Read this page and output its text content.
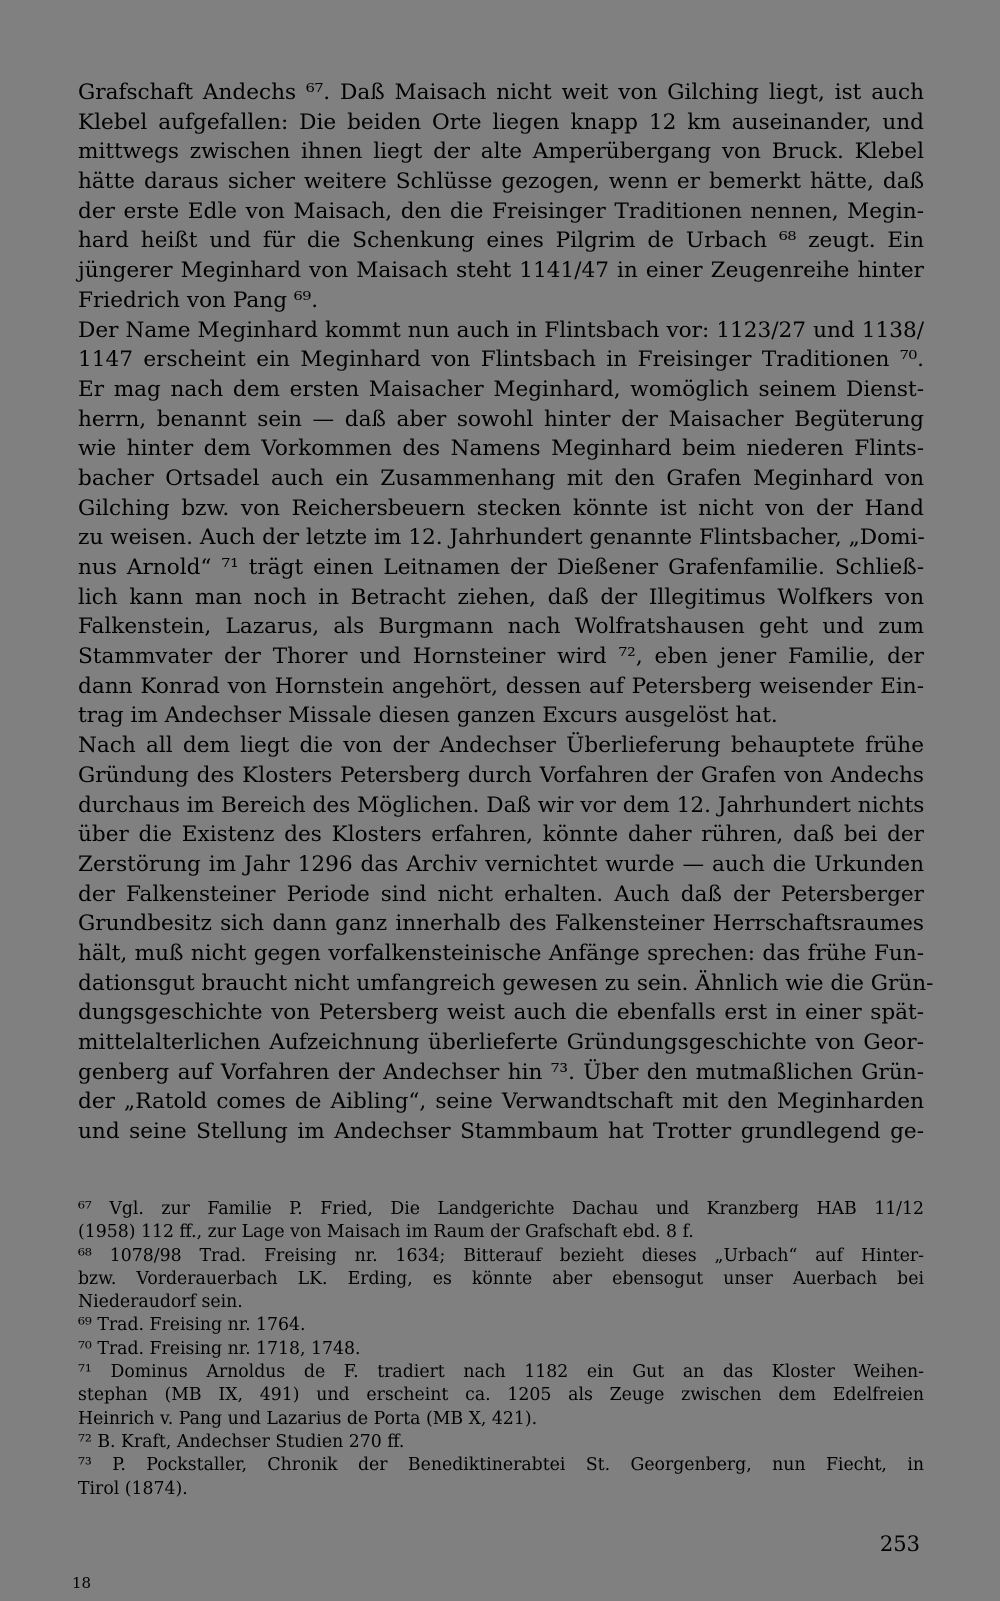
Grafschaft Andechs ⁶⁷. Daß Maisach nicht weit von Gilching liegt, ist auch
Klebel aufgefallen: Die beiden Orte liegen knapp 12 km auseinander, und
mittwegs zwischen ihnen liegt der alte Amperübergang von Bruck. Klebel
hätte daraus sicher weitere Schlüsse gezogen, wenn er bemerkt hätte, daß
der erste Edle von Maisach, den die Freisinger Traditionen nennen, Megin-
hard heißt und für die Schenkung eines Pilgrim de Urbach ⁶⁸ zeugt. Ein
jüngerer Meginhard von Maisach steht 1141/47 in einer Zeugenreihe hinter
Friedrich von Pang ⁶⁹.
Der Name Meginhard kommt nun auch in Flintsbach vor: 1123/27 und 1138/
1147 erscheint ein Meginhard von Flintsbach in Freisinger Traditionen ⁷⁰.
Er mag nach dem ersten Maisacher Meginhard, womöglich seinem Dienst-
herrn, benannt sein — daß aber sowohl hinter der Maisacher Begüterung
wie hinter dem Vorkommen des Namens Meginhard beim niederen Flints-
bacher Ortsadel auch ein Zusammenhang mit den Grafen Meginhard von
Gilching bzw. von Reichersbeuern stecken könnte ist nicht von der Hand
zu weisen. Auch der letzte im 12. Jahrhundert genannte Flintsbacher, „Domi-
nus Arnold“ ⁷¹ trägt einen Leitnamen der Dießener Grafenfamilie. Schließ-
lich kann man noch in Betracht ziehen, daß der Illegitimus Wolfkers von
Falkenstein, Lazarus, als Burgmann nach Wolfratshausen geht und zum
Stammvater der Thorer und Hornsteiner wird ⁷², eben jener Familie, der
dann Konrad von Hornstein angehört, dessen auf Petersberg weisender Ein-
trag im Andechser Missale diesen ganzen Excurs ausgelöst hat.
Nach all dem liegt die von der Andechser Überlieferung behauptete frühe
Gründung des Klosters Petersberg durch Vorfahren der Grafen von Andechs
durchaus im Bereich des Möglichen. Daß wir vor dem 12. Jahrhundert nichts
über die Existenz des Klosters erfahren, könnte daher rühren, daß bei der
Zerstörung im Jahr 1296 das Archiv vernichtet wurde — auch die Urkunden
der Falkensteiner Periode sind nicht erhalten. Auch daß der Petersberger
Grundbesitz sich dann ganz innerhalb des Falkensteiner Herrschaftsraumes
hält, muß nicht gegen vorfalkensteinische Anfänge sprechen: das frühe Fun-
dationsgut braucht nicht umfangreich gewesen zu sein. Ähnlich wie die Grün-
dungsgeschichte von Petersberg weist auch die ebenfalls erst in einer spät-
mittelalterlichen Aufzeichnung überlieferte Gründungsgeschichte von Geor-
genberg auf Vorfahren der Andechser hin ⁷³. Über den mutmaßlichen Grün-
der „Ratold comes de Aibling“, seine Verwandtschaft mit den Meginharden
und seine Stellung im Andechser Stammbaum hat Trotter grundlegend ge-
⁶⁷ Vgl. zur Familie P. Fried, Die Landgerichte Dachau und Kranzberg HAB 11/12
(1958) 112 ff., zur Lage von Maisach im Raum der Grafschaft ebd. 8 f.
⁶⁸ 1078/98 Trad. Freising nr. 1634; Bitterauf bezieht dieses „Urbach“ auf Hinter-
bzw. Vorderauerbach LK. Erding, es könnte aber ebensogut unser Auerbach bei
Niederaudorf sein.
⁶⁹ Trad. Freising nr. 1764.
⁷⁰ Trad. Freising nr. 1718, 1748.
⁷¹ Dominus Arnoldus de F. tradiert nach 1182 ein Gut an das Kloster Weihen-
stephan (MB IX, 491) und erscheint ca. 1205 als Zeuge zwischen dem Edelfreien
Heinrich v. Pang und Lazarius de Porta (MB X, 421).
⁷² B. Kraft, Andechser Studien 270 ff.
⁷³ P. Pockstaller, Chronik der Benediktinerabtei St. Georgenberg, nun Fiecht, in
Tirol (1874).
253
18
